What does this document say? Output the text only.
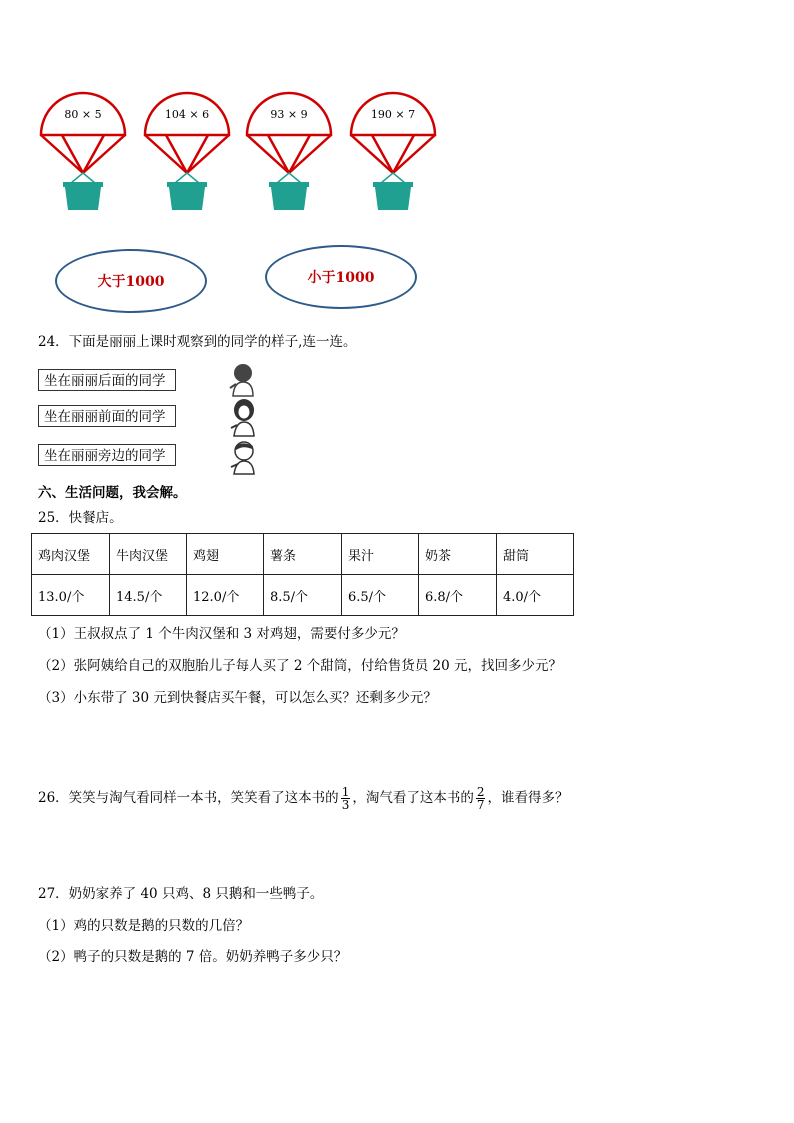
80 × 5	104 × 6	93 × 9	190 × 7
大于1000	小于1000
24．下面是丽丽上课时观察到的同学的样子,连一连。
坐在丽丽后面的同学
坐在丽丽前面的同学
坐在丽丽旁边的同学
六、生活问题，我会解。
25．快餐店。
鸡肉汉堡	牛肉汉堡	鸡翅	薯条	果汁	奶茶	甜筒
13.0/个	14.5/个	12.0/个	8.5/个	6.5/个	6.8/个	4.0/个
（1）王叔叔点了 1 个牛肉汉堡和 3 对鸡翅，需要付多少元？
（2）张阿姨给自己的双胞胎儿子每人买了 2 个甜筒，付给售货员 20 元，找回多少元？
（3）小东带了 30 元到快餐店买午餐，可以怎么买？还剩多少元？
26．笑笑与淘气看同样一本书，笑笑看了这本书的 $\frac{1}{3}$ ，淘气看了这本书的 $\frac{2}{7}$ ，谁看得多？
27．奶奶家养了 40 只鸡、8 只鹅和一些鸭子。
（1）鸡的只数是鹅的只数的几倍？
（2）鸭子的只数是鹅的 7 倍。奶奶养鸭子多少只？
